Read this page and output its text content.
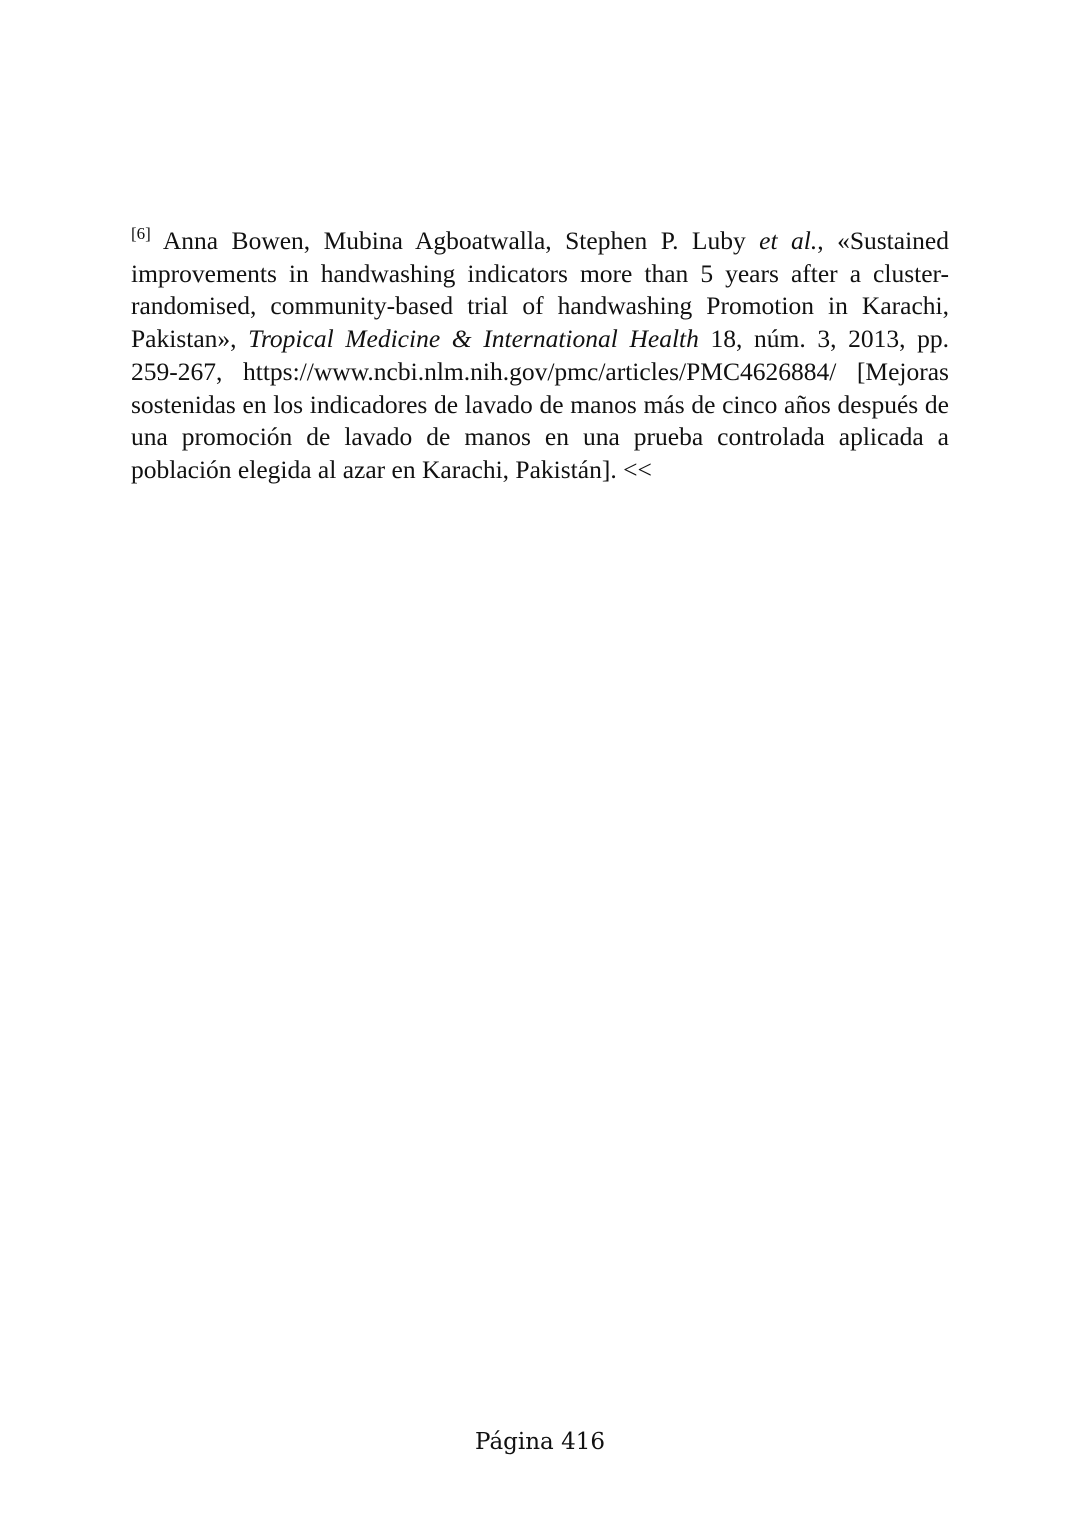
[6] Anna Bowen, Mubina Agboatwalla, Stephen P. Luby et al., «Sustained improvements in handwashing indicators more than 5 years after a cluster-randomised, community-based trial of handwashing Promotion in Karachi, Pakistan», Tropical Medicine & International Health 18, núm. 3, 2013, pp. 259-267, https://www.ncbi.nlm.nih.gov/pmc/articles/PMC4626884/ [Mejoras sostenidas en los indicadores de lavado de manos más de cinco años después de una promoción de lavado de manos en una prueba controlada aplicada a población elegida al azar en Karachi, Pakistán]. <<
Página 416
